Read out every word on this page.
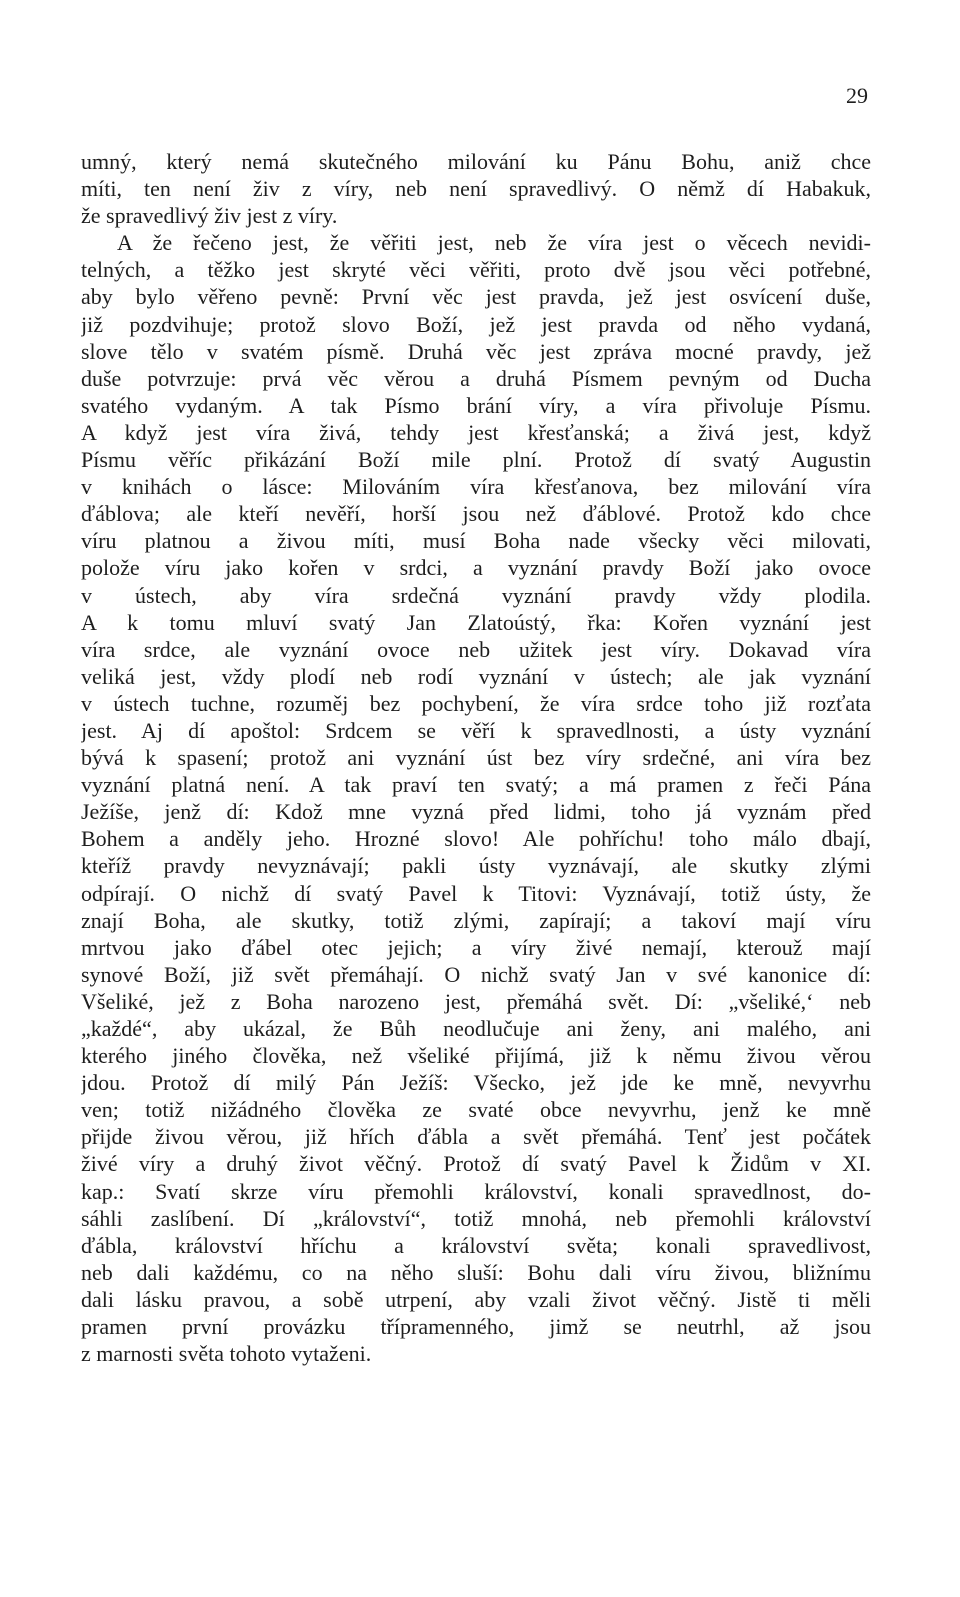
29
umný, který nemá skutečného milování ku Pánu Bohu, aniž chce
míti, ten není živ z víry, neb není spravedlivý. O němž dí Habakuk,
že spravedlivý živ jest z víry.
A že řečeno jest, že věřiti jest, neb že víra jest o věcech nevidi-
telných, a těžko jest skryté věci věřiti, proto dvě jsou věci potřebné,
aby bylo věřeno pevně: První věc jest pravda, jež jest osvícení duše,
již pozdvihuje; protož slovo Boží, jež jest pravda od něho vydaná,
slove tělo v svatém písmě. Druhá věc jest zpráva mocné pravdy, jež
duše potvrzuje: prvá věc věrou a druhá Písmem pevným od Ducha
svatého vydaným. A tak Písmo brání víry, a víra přivoluje Písmu.
A když jest víra živá, tehdy jest křesťanská; a živá jest, když
Písmu věříc přikázání Boží mile plní. Protož dí svatý Augustin
v knihách o lásce: Milováním víra křesťanova, bez milování víra
ďáblova; ale kteří nevěří, horší jsou než ďáblové. Protož kdo chce
víru platnou a živou míti, musí Boha nade všecky věci milovati,
polože víru jako kořen v srdci, a vyznání pravdy Boží jako ovoce
v ústech, aby víra srdečná vyznání pravdy vždy plodila.
A k tomu mluví svatý Jan Zlatoústý, řka: Kořen vyznání jest
víra srdce, ale vyznání ovoce neb užitek jest víry. Dokavad víra
veliká jest, vždy plodí neb rodí vyznání v ústech; ale jak vyznání
v ústech tuchne, rozuměj bez pochybení, že víra srdce toho již rozťata
jest. Aj dí apoštol: Srdcem se věří k spravedlnosti, a ústy vyznání
bývá k spasení; protož ani vyznání úst bez víry srdečné, ani víra bez
vyznání platná není. A tak praví ten svatý; a má pramen z řeči Pána
Ježíše, jenž dí: Kdož mne vyzná před lidmi, toho já vyznám před
Bohem a anděly jeho. Hrozné slovo! Ale pohříchu! toho málo dbají,
kteříž pravdy nevyznávají; pakli ústy vyznávají, ale skutky zlými
odpírají. O nichž dí svatý Pavel k Titovi: Vyznávají, totiž ústy, že
znají Boha, ale skutky, totiž zlými, zapírají; a takoví mají víru
mrtvou jako ďábel otec jejich; a víry živé nemají, kterouž mají
synové Boží, již svět přemáhají. O nichž svatý Jan v své kanonice dí:
Všeliké, jež z Boha narozeno jest, přemáhá svět. Dí: „všeliké,‘ neb
„každé“, aby ukázal, že Bůh neodlučuje ani ženy, ani malého, ani
kterého jiného člověka, než všeliké přijímá, již k němu živou věrou
jdou. Protož dí milý Pán Ježíš: Všecko, jež jde ke mně, nevyvrhu
ven; totiž nižádného člověka ze svaté obce nevyvrhu, jenž ke mně
přijde živou věrou, již hřích ďábla a svět přemáhá. Tenť jest počátek
živé víry a druhý život věčný. Protož dí svatý Pavel k Židům v XI.
kap.: Svatí skrze víru přemohli království, konali spravedlnost, do-
sáhli zaslíbení. Dí „království“, totiž mnohá, neb přemohli království
ďábla, království hříchu a království světa; konali spravedlivost,
neb dali každému, co na něho sluší: Bohu dali víru živou, bližnímu
dali lásku pravou, a sobě utrpení, aby vzali život věčný. Jistě ti měli
pramen první provázku třípramenného, jimž se neutrhl, až jsou
z marnosti světa tohoto vytaženi.
